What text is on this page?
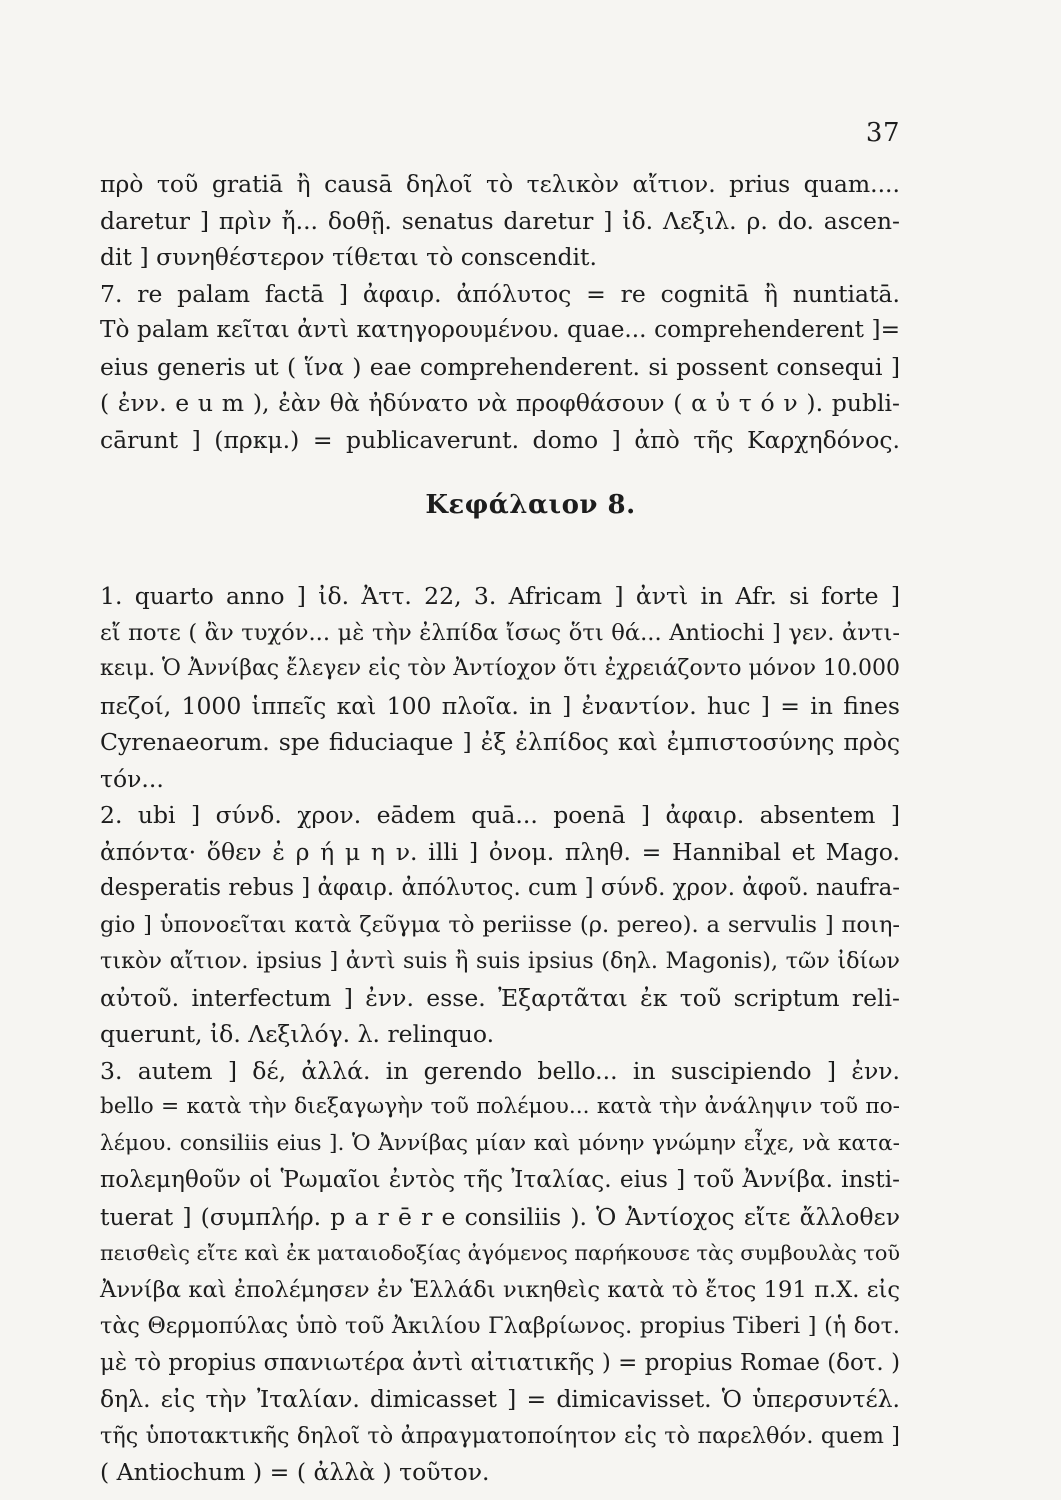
37
πρὸ τοῦ gratiā ἢ causā δηλοῖ τὸ τελικὸν αἴτιον. prius quam....
daretur ] πρὶν ἤ... δοθῇ. senatus daretur ] ἰδ. Λεξιλ. ρ. do. ascen-
dit ] συνηθέστερον τίθεται τὸ conscendit.
7. re palam factā ] ἀφαιρ. ἀπόλυτος = re cognitā ἢ nuntiatā.
Τὸ palam κεῖται ἀντὶ κατηγορουμένου. quae... comprehenderent ]=
eius generis ut ( ἵνα ) eae comprehenderent. si possent consequi ]
( ἐνν. e u m ), ἐὰν θὰ ἠδύνατο νὰ προφθάσουν ( α ὐ τ ό ν ). publi-
cārunt ] (πρκμ.) = publicaverunt. domo ] ἀπὸ τῆς Καρχηδόνος.
Κεφάλαιον 8.
1. quarto anno ] ἰδ. Ἀττ. 22, 3. Africam ] ἀντὶ in Afr. si forte ]
εἴ ποτε ( ἂν τυχόν... μὲ τὴν ἐλπίδα ἴσως ὅτι θά... Antiochi ] γεν. ἀντι-
κειμ. Ὁ Ἀννίβας ἔλεγεν εἰς τὸν Ἀντίοχον ὅτι ἐχρειάζοντο μόνον 10.000
πεζοί, 1000 ἱππεῖς καὶ 100 πλοῖα. in ] ἐναντίον. huc ] = in fines
Cyrenaeorum. spe fiduciaque ] ἐξ ἐλπίδος καὶ ἐμπιστοσύνης πρὸς
τόν...
2. ubi ] σύνδ. χρον. eādem quā... poenā ] ἀφαιρ. absentem ]
ἀπόντα· ὅθεν ἐ ρ ή μ η ν. illi ] ὀνομ. πληθ. = Hannibal et Mago.
desperatis rebus ] ἀφαιρ. ἀπόλυτος. cum ] σύνδ. χρον. ἀφοῦ. naufra-
gio ] ὑπονοεῖται κατὰ ζεῦγμα τὸ periisse (ρ. pereo). a servulis ] ποιη-
τικὸν αἴτιον. ipsius ] ἀντὶ suis ἢ suis ipsius (δηλ. Magonis), τῶν ἰδίων
αὐτοῦ. interfectum ] ἐνν. esse. Ἐξαρτᾶται ἐκ τοῦ scriptum reli-
querunt, ἰδ. Λεξιλόγ. λ. relinquo.
3. autem ] δέ, ἀλλά. in gerendo bello... in suscipiendo ] ἐνν.
bello = κατὰ τὴν διεξαγωγὴν τοῦ πολέμου... κατὰ τὴν ἀνάληψιν τοῦ πο-
λέμου. consiliis eius ]. Ὁ Ἀννίβας μίαν καὶ μόνην γνώμην εἶχε, νὰ κατα-
πολεμηθοῦν οἱ Ῥωμαῖοι ἐντὸς τῆς Ἰταλίας. eius ] τοῦ Ἀννίβα. insti-
tuerat ] (συμπλήρ. p a r ē r e consiliis ). Ὁ Ἀντίοχος εἴτε ἄλλοθεν
πεισθεὶς εἴτε καὶ ἐκ ματαιοδοξίας ἀγόμενος παρήκουσε τὰς συμβουλὰς τοῦ
Ἀννίβα καὶ ἐπολέμησεν ἐν Ἑλλάδι νικηθεὶς κατὰ τὸ ἔτος 191 π.Χ. εἰς
τὰς Θερμοπύλας ὑπὸ τοῦ Ἀκιλίου Γλαβρίωνος. propius Tiberi ] (ἡ δοτ.
μὲ τὸ propius σπανιωτέρα ἀντὶ αἰτιατικῆς ) = propius Romae (δοτ. )
δηλ. εἰς τὴν Ἰταλίαν. dimicasset ] = dimicavisset. Ὁ ὑπερσυντέλ.
τῆς ὑποτακτικῆς δηλοῖ τὸ ἀπραγματοποίητον εἰς τὸ παρελθόν. quem ]
( Antiochum ) = ( ἀλλὰ ) τοῦτον.
